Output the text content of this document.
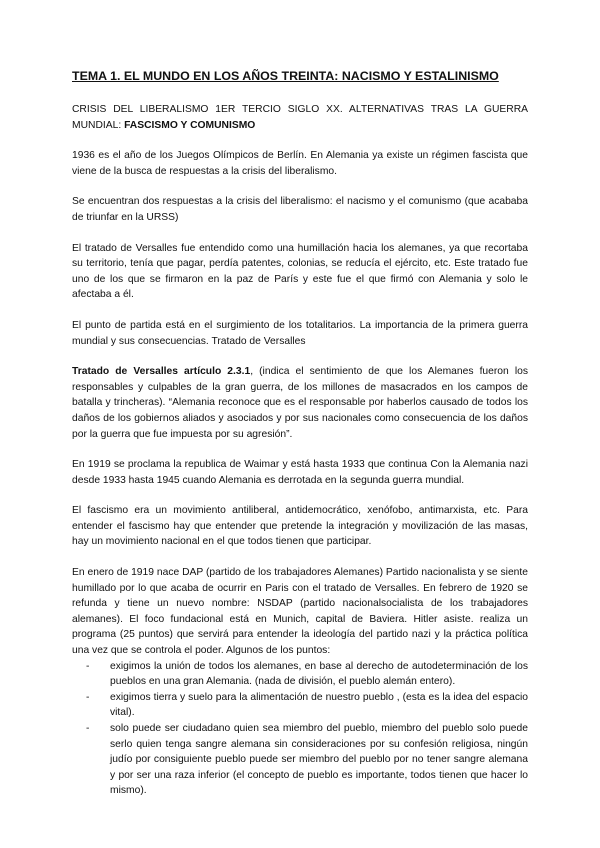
TEMA 1. EL MUNDO EN LOS AÑOS TREINTA: NACISMO Y ESTALINISMO

CRISIS DEL LIBERALISMO 1ER TERCIO SIGLO XX. ALTERNATIVAS TRAS LA GUERRA MUNDIAL: FASCISMO Y COMUNISMO

1936 es el año de los Juegos Olímpicos de Berlín. En Alemania ya existe un régimen fascista que viene de la busca de respuestas a la crisis del liberalismo.

Se encuentran dos respuestas a la crisis del liberalismo: el nacismo y el comunismo (que acababa de triunfar en la URSS)

El tratado de Versalles fue entendido como una humillación hacia los alemanes, ya que recortaba su territorio, tenía que pagar, perdía patentes, colonias, se reducía el ejército, etc. Este tratado fue uno de los que se firmaron en la paz de París y este fue el que firmó con Alemania y solo le afectaba a él.

El punto de partida está en el surgimiento de los totalitarios. La importancia de la primera guerra mundial y sus consecuencias. Tratado de Versalles

Tratado de Versalles artículo 2.3.1, (indica el sentimiento de que los Alemanes fueron los responsables y culpables de la gran guerra, de los millones de masacrados en los campos de batalla y trincheras). “Alemania reconoce que es el responsable por haberlos causado de todos los daños de los gobiernos aliados y asociados y por sus nacionales como consecuencia de los daños por la guerra que fue impuesta por su agresión”.

En 1919 se proclama la republica de Waimar y está hasta 1933 que continua Con la Alemania nazi desde 1933 hasta 1945 cuando Alemania es derrotada en la segunda guerra mundial.

El fascismo era un movimiento antiliberal, antidemocrático, xenófobo, antimarxista, etc. Para entender el fascismo hay que entender que pretende la integración y movilización de las masas, hay un movimiento nacional en el que todos tienen que participar.

En enero de 1919 nace DAP (partido de los trabajadores Alemanes) Partido nacionalista y se siente humillado por lo que acaba de ocurrir en Paris con el tratado de Versalles. En febrero de 1920 se refunda y tiene un nuevo nombre: NSDAP (partido nacionalsocialista de los trabajadores alemanes). El foco fundacional está en Munich, capital de Baviera. Hitler asiste. realiza un programa (25 puntos) que servirá para entender la ideología del partido nazi y la práctica política una vez que se controla el poder. Algunos de los puntos:

- exigimos la unión de todos los alemanes, en base al derecho de autodeterminación de los pueblos en una gran Alemania. (nada de división, el pueblo alemán entero).
- exigimos tierra y suelo para la alimentación de nuestro pueblo , (esta es la idea del espacio vital).
- solo puede ser ciudadano quien sea miembro del pueblo, miembro del pueblo solo puede serlo quien tenga sangre alemana sin consideraciones por su confesión religiosa, ningún judío por consiguiente pueblo puede ser miembro del pueblo por no tener sangre alemana y por ser una raza inferior (el concepto de pueblo es importante, todos tienen que hacer lo mismo).
